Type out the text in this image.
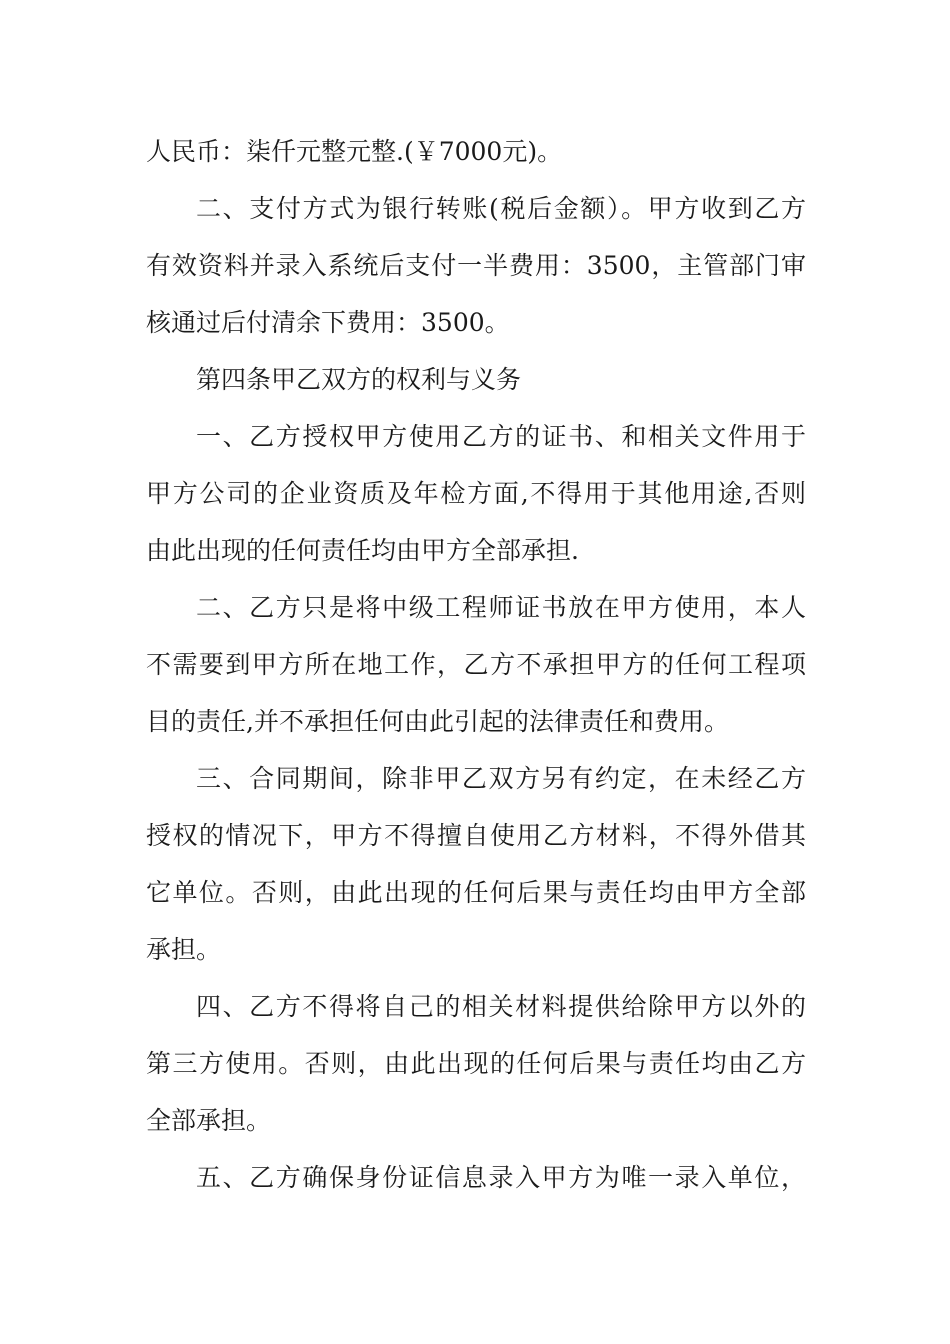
人民币：柒仟元整元整.(￥7000元)。
二、支付方式为银行转账(税后金额）。甲方收到乙方
有效资料并录入系统后支付一半费用：3500，主管部门审
核通过后付清余下费用：3500。
第四条甲乙双方的权利与义务
一、乙方授权甲方使用乙方的证书、和相关文件用于
甲方公司的企业资质及年检方面,不得用于其他用途,否则
由此出现的任何责任均由甲方全部承担.
二、乙方只是将中级工程师证书放在甲方使用，本人
不需要到甲方所在地工作，乙方不承担甲方的任何工程项
目的责任,并不承担任何由此引起的法律责任和费用。
三、合同期间，除非甲乙双方另有约定，在未经乙方
授权的情况下，甲方不得擅自使用乙方材料，不得外借其
它单位。否则，由此出现的任何后果与责任均由甲方全部
承担。
四、乙方不得将自己的相关材料提供给除甲方以外的
第三方使用。否则，由此出现的任何后果与责任均由乙方
全部承担。
五、乙方确保身份证信息录入甲方为唯一录入单位，
